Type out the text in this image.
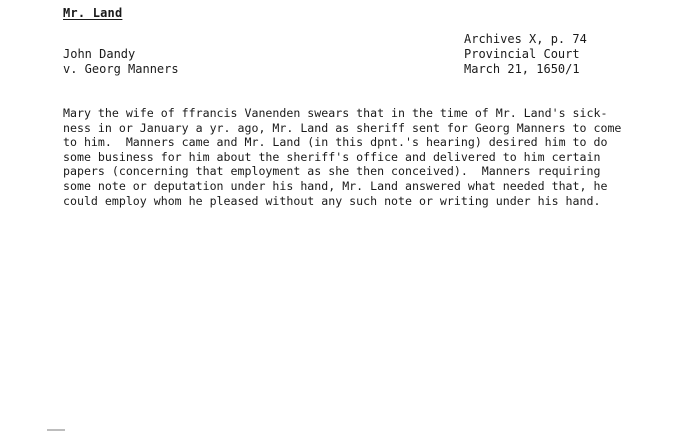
Mr. Land
John Dandy
v. Georg Manners
Archives X, p. 74
Provincial Court
March 21, 1650/1
Mary the wife of ffrancis Vanenden swears that in the time of Mr. Land's sick-
ness in or January a yr. ago, Mr. Land as sheriff sent for Georg Manners to come
to him.  Manners came and Mr. Land (in this dpnt.'s hearing) desired him to do
some business for him about the sheriff's office and delivered to him certain
papers (concerning that employment as she then conceived).  Manners requiring
some note or deputation under his hand, Mr. Land answered what needed that, he
could employ whom he pleased without any such note or writing under his hand.
